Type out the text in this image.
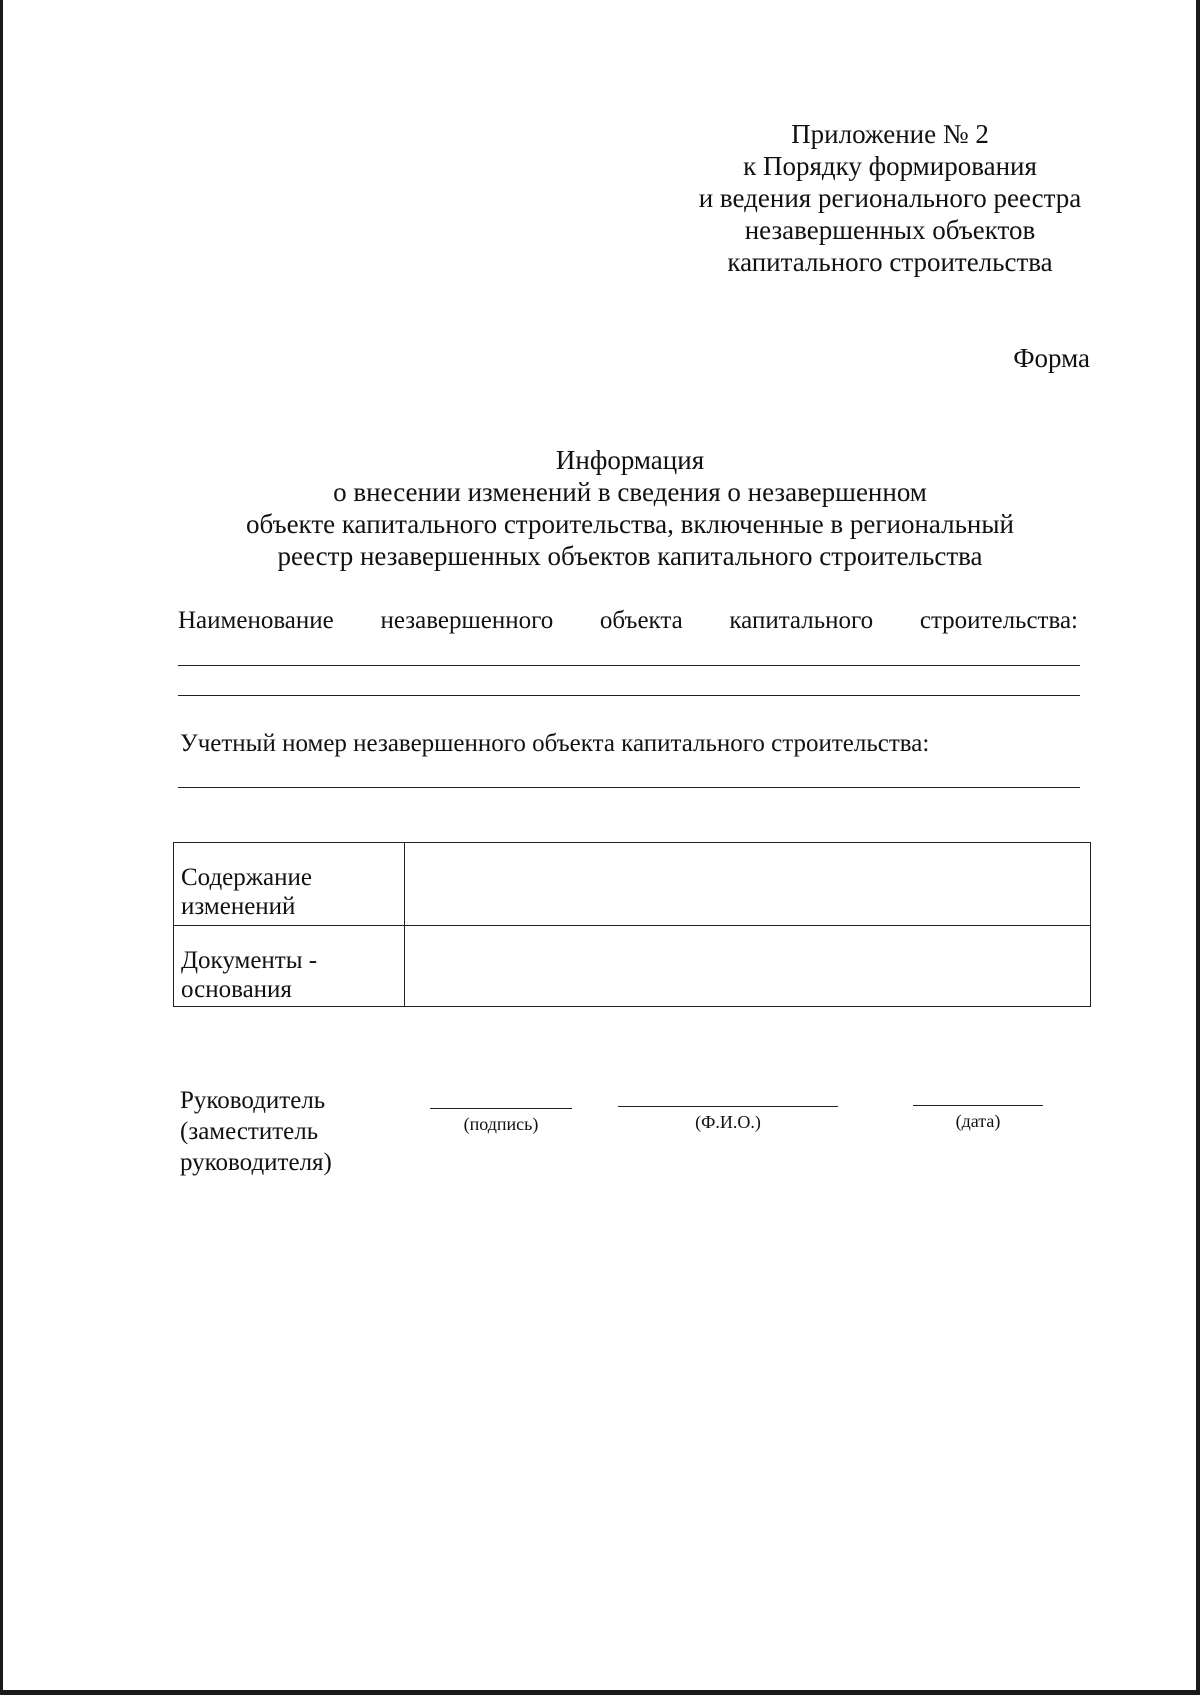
Приложение № 2
к Порядку формирования
и ведения регионального реестра
незавершенных объектов
капитального строительства
Форма
Информация
о внесении изменений в сведения о незавершенном
объекте капитального строительства, включенные в региональный
реестр незавершенных объектов капитального строительства
Наименование незавершенного объекта капитального строительства:
Учетный номер незавершенного объекта капитального строительства:
Содержание
изменений	
Документы -
основания	
Руководитель
(заместитель
руководителя)
(подпись)	(Ф.И.О.)	(дата)
